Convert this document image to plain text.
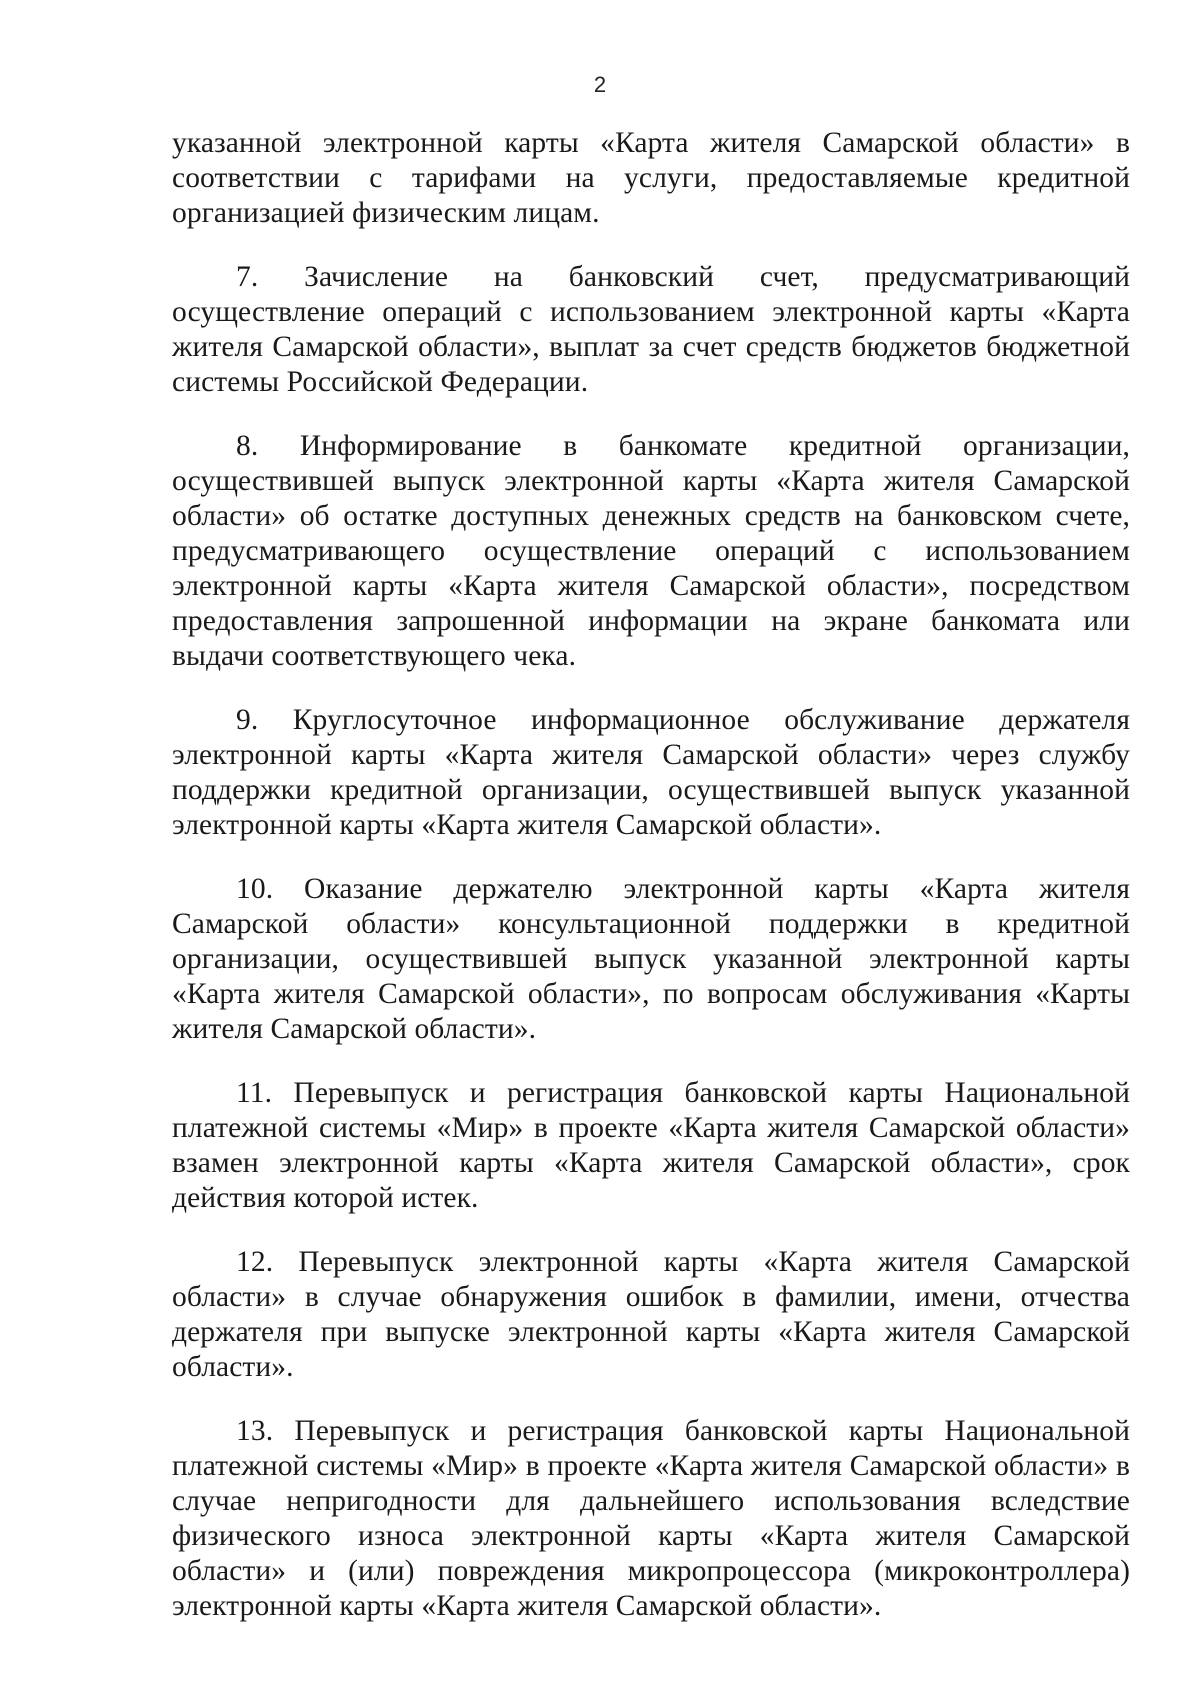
2

указанной электронной карты «Карта жителя Самарской области» в соответствии с тарифами на услуги, предоставляемые кредитной организацией физическим лицам.

7. Зачисление на банковский счет, предусматривающий осуществление операций с использованием электронной карты «Карта жителя Самарской области», выплат за счет средств бюджетов бюджетной системы Российской Федерации.

8. Информирование в банкомате кредитной организации, осуществившей выпуск электронной карты «Карта жителя Самарской области» об остатке доступных денежных средств на банковском счете, предусматривающего осуществление операций с использованием электронной карты «Карта жителя Самарской области», посредством предоставления запрошенной информации на экране банкомата или выдачи соответствующего чека.

9. Круглосуточное информационное обслуживание держателя электронной карты «Карта жителя Самарской области» через службу поддержки кредитной организации, осуществившей выпуск указанной электронной карты «Карта жителя Самарской области».

10. Оказание держателю электронной карты «Карта жителя Самарской области» консультационной поддержки в кредитной организации, осуществившей выпуск указанной электронной карты «Карта жителя Самарской области», по вопросам обслуживания «Карты жителя Самарской области».

11. Перевыпуск и регистрация банковской карты Национальной платежной системы «Мир» в проекте «Карта жителя Самарской области» взамен электронной карты «Карта жителя Самарской области», срок действия которой истек.

12. Перевыпуск электронной карты «Карта жителя Самарской области» в случае обнаружения ошибок в фамилии, имени, отчества держателя при выпуске электронной карты «Карта жителя Самарской области».

13. Перевыпуск и регистрация банковской карты Национальной платежной системы «Мир» в проекте «Карта жителя Самарской области» в случае непригодности для дальнейшего использования вследствие физического износа электронной карты «Карта жителя Самарской области» и (или) повреждения микропроцессора (микроконтроллера) электронной карты «Карта жителя Самарской области».
